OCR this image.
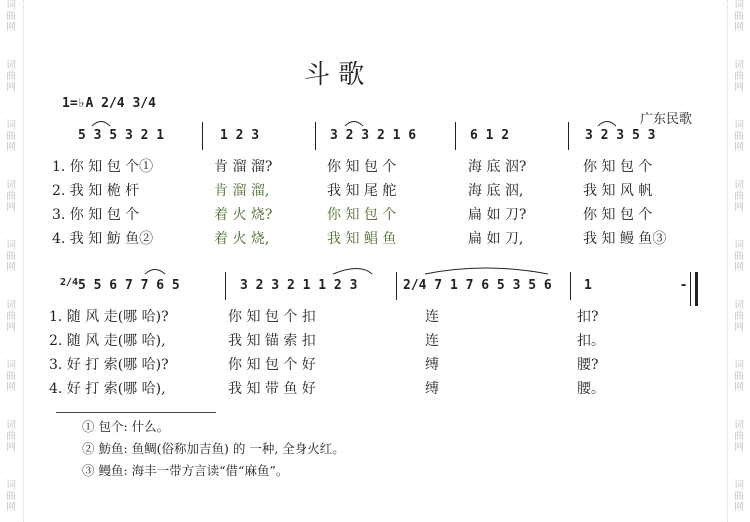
词
曲
网
词
曲
网
词
曲
网
词
曲
网
词
曲
网
词
曲
网
词
曲
网
词
曲
网
词
曲
网
词
曲
网
词
曲
网
词
曲
网
词
曲
网
词
曲
网
词
曲
网
词
曲
网
词
曲
网
词
曲
网
斗 歌
1=♭A 2/4 3/4
广东民歌
5 3 5 3 2 1	1 2 3	3 2 3 2 1 6	6 1 2	3 2 3 5 3
1. 你 知 包 个①	肯 溜 溜?	你 知 包 个	海 底 泅?	你 知 包 个
2. 我 知 桅 杆	肯 溜 溜,	我 知 尾 舵	海 底 泅,	我 知 风 帆
3. 你 知 包 个	着 火 烧?	你 知 包 个	扁 如 刀?	你 知 包 个
4. 我 知 魴 鱼②	着 火 烧,	我 知 鲳 鱼	扁 如 刀,	我 知 鳗 鱼③
2/4 5 5 6 7 7 6 5	3 2 3 2 1 1 2 3	2/4 7 1 7 6 5 3 5 6 1 -
1. 随 风 走(哪 哈)?	你 知 包 个 扣	连	扣?
2. 随 风 走(哪 哈),	我 知 锚 索 扣	连	扣。
3. 好 打 索(哪 哈)?	你 知 包 个 好	缚	腰?
4. 好 打 索(哪 哈),	我 知 带 鱼 好	缚	腰。
① 包个: 什么。
② 魴鱼: 鱼鲷(俗称加吉鱼) 的 一种, 全身火红。
③ 鳗鱼: 海丰一带方言读“借“麻鱼”。
